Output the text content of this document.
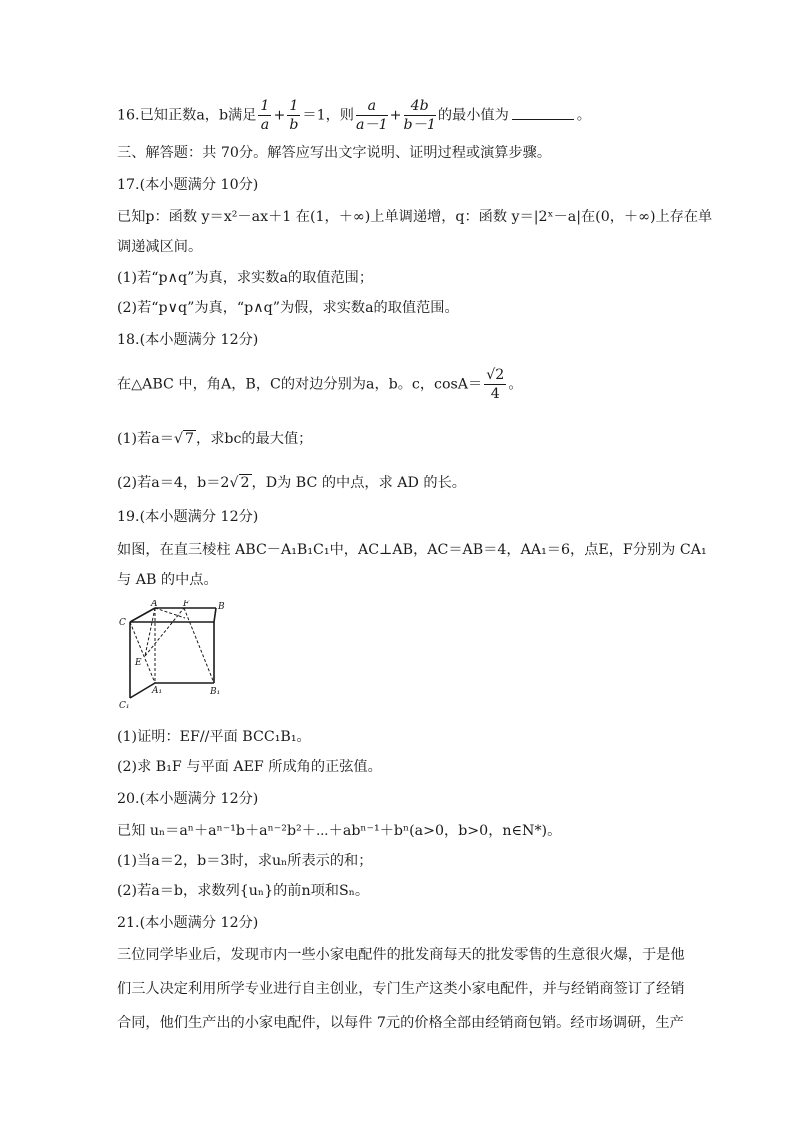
16.已知正数a，b满足 $\frac{1}{a} + \frac{1}{b} =1$，则 $\frac{a}{a-1} + \frac{4b}{b-1}$ 的最小值为	。
三、解答题：共 70分。解答应写出文字说明、证明过程或演算步骤。
17.(本小题满分 10分)
已知p：函数 y＝x²－ax＋1 在(1，＋∞)上单调递增，q：函数 y＝|2ˣ－a|在(0，＋∞)上存在单
调递减区间。
(1)若“p∧q”为真，求实数a的取值范围；
(2)若“p∨q”为真，“p∧q”为假，求实数a的取值范围。
18.(本小题满分 12分)
在△ABC 中，角A，B，C的对边分别为a，b。c，$\cos A= \frac{√2}{4}$ 。
(1)若a＝√ 7 ，求bc的最大值；
(2)若a＝4，b＝2√ 2 ，D为 BC 的中点，求 AD 的长。
19.(本小题满分 12分)
如图，在直三棱柱 ABC－A₁B₁C₁中，AC⊥AB，AC＝AB＝4，AA₁＝6，点E，F分别为 CA₁
与 AB 的中点。
A	F	B
C
E
A₁	B₁
C₁
(1)证明：EF//平面 BCC₁B₁。
(2)求 B₁F 与平面 AEF 所成角的正弦值。
20.(本小题满分 12分)
已知 uₙ＝aⁿ＋aⁿ⁻¹b＋aⁿ⁻²b²＋⋯＋abⁿ⁻¹＋bⁿ(a>0，b>0，n∈N*)。
(1)当a＝2，b＝3时，求uₙ所表示的和；
(2)若a＝b，求数列{uₙ}的前n项和Sₙ。
21.(本小题满分 12分)
三位同学毕业后，发现市内一些小家电配件的批发商每天的批发零售的生意很火爆，于是他
们三人决定利用所学专业进行自主创业，专门生产这类小家电配件，并与经销商签订了经销
合同，他们生产出的小家电配件，以每件 7元的价格全部由经销商包销。经市场调研，生产
